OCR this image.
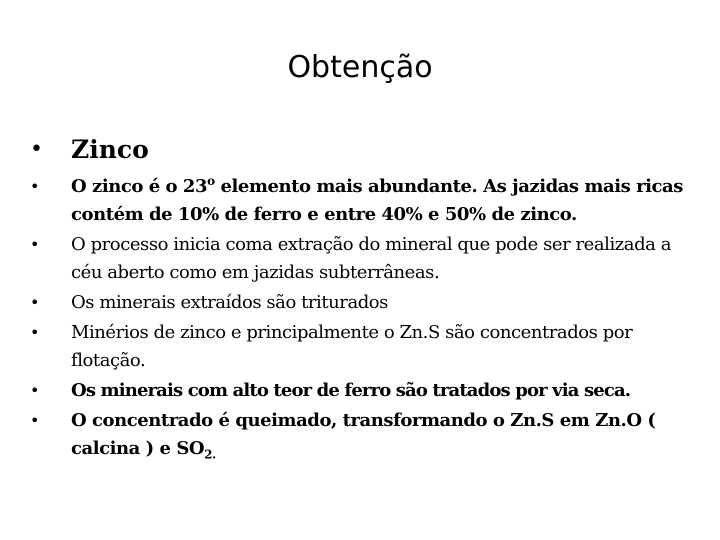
Obtenção
• Zinco
• O zinco é o 23$^o$ elemento mais abundante. As jazidas mais ricas contém de 10% de ferro e entre 40% e 50% de zinco.
• O processo inicia coma extração do mineral que pode ser realizada a céu aberto como em jazidas subterrâneas.
• Os minerais extraídos são triturados
• Minérios de zinco e principalmente o Zn.S são concentrados por flotação.
• Os minerais com alto teor de ferro são tratados por via seca.
• O concentrado é queimado, transformando o Zn.S em Zn.O ( calcina ) e $SO_{2.}$
